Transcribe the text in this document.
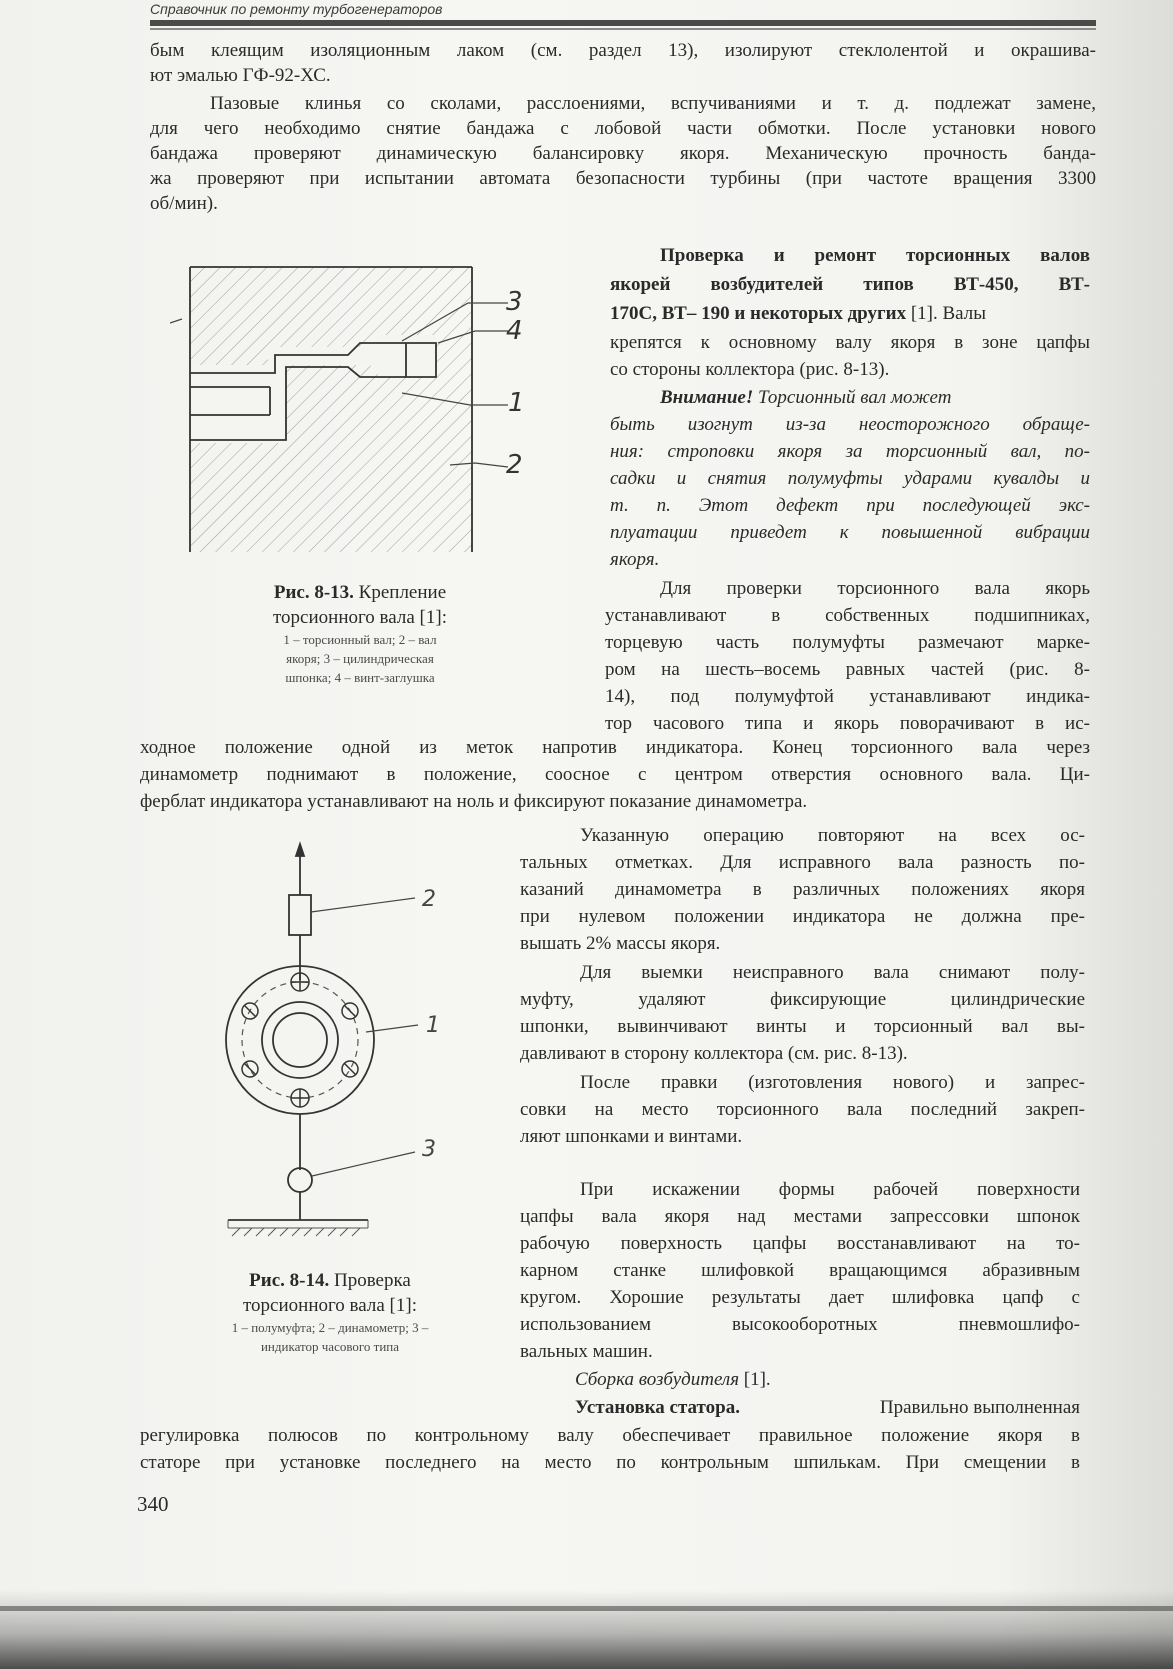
Справочник по ремонту турбогенераторов
бым клеящим изоляционным лаком (см. раздел 13), изолируют стеклолентой и окрашива-
ют эмалью ГФ-92-ХС.
Пазовые клинья со сколами, расслоениями, вспучиваниями и т. д. подлежат замене,
для чего необходимо снятие бандажа с лобовой части обмотки. После установки нового
бандажа проверяют динамическую балансировку якоря. Механическую прочность банда-
жа проверяют при испытании автомата безопасности турбины (при частоте вращения 3300
об/мин).
3
4
1
2
Рис. 8-13. Крепление
торсионного вала [1]:
1 – торсионный вал; 2 – вал
якоря; 3 – цилиндрическая
шпонка; 4 – винт-заглушка
Проверка и ремонт торсионных валов
якорей возбудителей типов ВТ-450, ВТ-
170С, ВТ– 190 и некоторых других [1]. Валы
крепятся к основному валу якоря в зоне цапфы
со стороны коллектора (рис. 8-13).
Внимание! Торсионный вал может
быть изогнут из-за неосторожного обраще-
ния: строповки якоря за торсионный вал, по-
садки и снятия полумуфты ударами кувалды и
т. п. Этот дефект при последующей экс-
плуатации приведет к повышенной вибрации
якоря.
Для проверки торсионного вала якорь
устанавливают в собственных подшипниках,
торцевую часть полумуфты размечают марке-
ром на шесть–восемь равных частей (рис. 8-
14), под полумуфтой устанавливают индика-
тор часового типа и якорь поворачивают в ис-
ходное положение одной из меток напротив индикатора. Конец торсионного вала через
динамометр поднимают в положение, соосное с центром отверстия основного вала. Ци-
ферблат индикатора устанавливают на ноль и фиксируют показание динамометра.
2
1
3
Рис. 8-14. Проверка
торсионного вала [1]:
1 – полумуфта; 2 – динамометр; 3 –
индикатор часового типа
Указанную операцию повторяют на всех ос-
тальных отметках. Для исправного вала разность по-
казаний динамометра в различных положениях якоря
при нулевом положении индикатора не должна пре-
вышать 2% массы якоря.
Для выемки неисправного вала снимают полу-
муфту, удаляют фиксирующие цилиндрические
шпонки, вывинчивают винты и торсионный вал вы-
давливают в сторону коллектора (см. рис. 8-13).
После правки (изготовления нового) и запрес-
совки на место торсионного вала последний закреп-
ляют шпонками и винтами.
При искажении формы рабочей поверхности
цапфы вала якоря над местами запрессовки шпонок
рабочую поверхность цапфы восстанавливают на то-
карном станке шлифовкой вращающимся абразивным
кругом. Хорошие результаты дает шлифовка цапф с
использованием высокооборотных пневмошлифо-
вальных машин.
Сборка возбудителя [1].
Установка статора.	Правильно выполненная
регулировка полюсов по контрольному валу обеспечивает правильное положение якоря в
статоре при установке последнего на место по контрольным шпилькам. При смещении в
340
